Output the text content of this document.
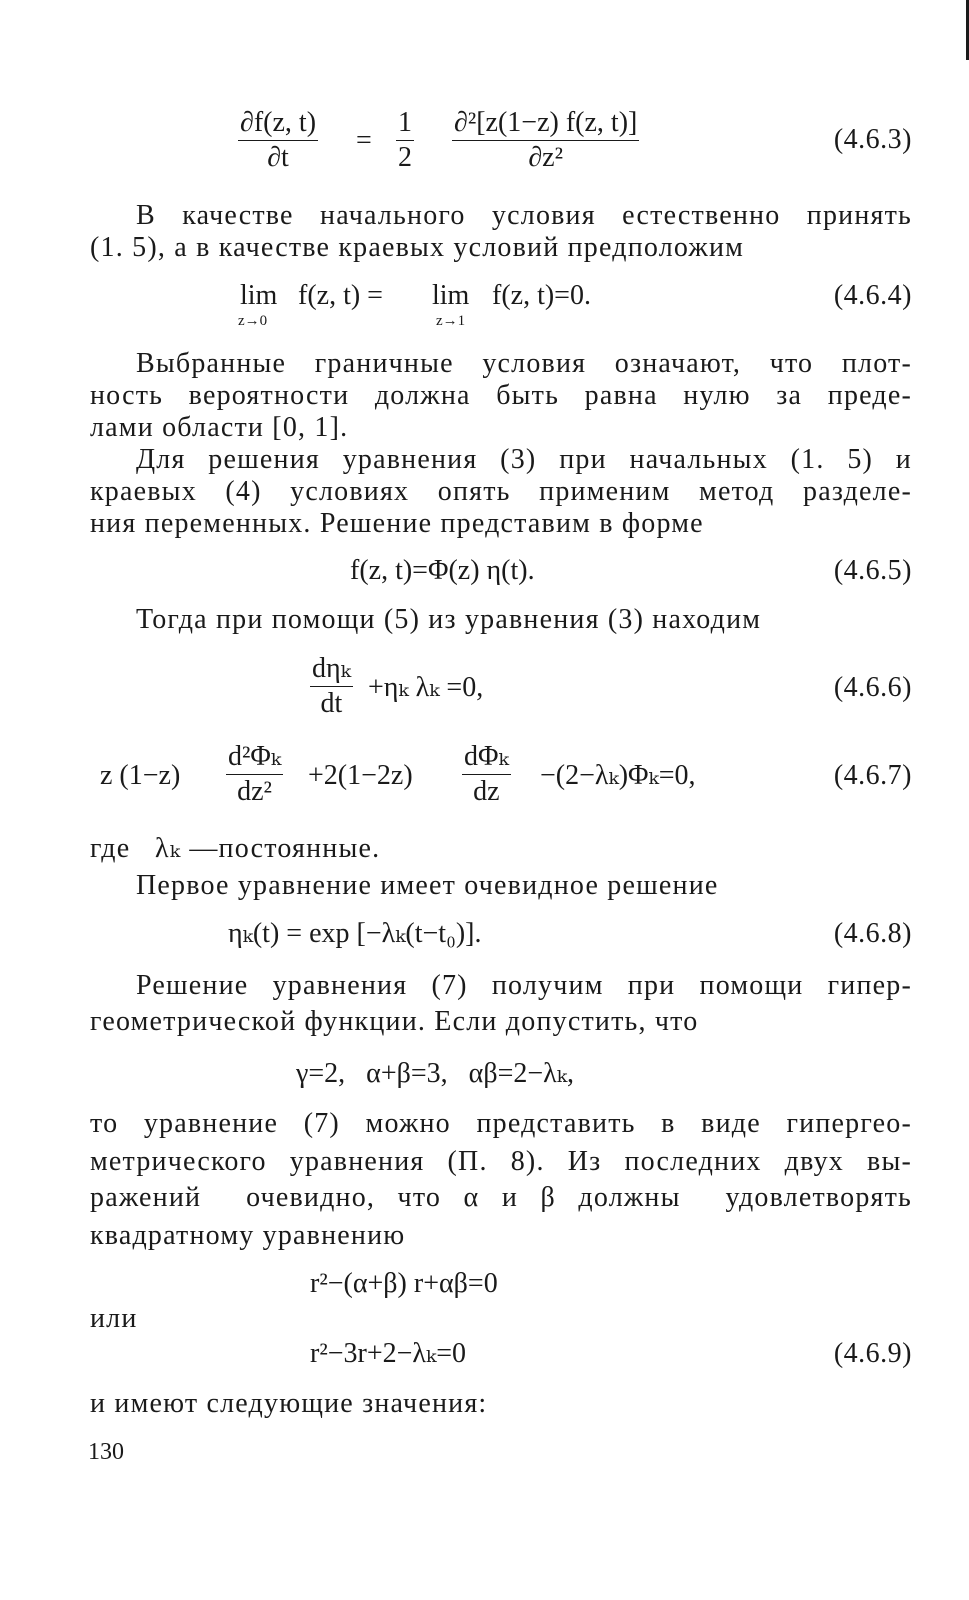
$\frac{\partial f(z, t)}{\partial t} = \frac{1}{2} \frac{\text{∂²[z(1−z) f(z, t)]}}{\text{∂z²}}$	(4.6.3)
В качестве начального условия естественно принять
(1. 5), а в качестве краевых условий предположим
lim
z→0
f(z, t) = lim
z→1
f(z, t)=0.	(4.6.4)
Выбранные граничные условия означают, что плот-
ность вероятности должна быть равна нулю за преде-
лами области [0, 1].
Для решения уравнения (3) при начальных (1. 5) и
краевых (4) условиях опять применим метод разделе-
ния переменных. Решение представим в форме
f(z, t)=Φ(z) η(t).	(4.6.5)
Тогда при помощи (5) из уравнения (3) находим
dηₖ
dt
+ηₖ λₖ =0,	(4.6.6)
z $(1-z) \frac{\text{d²Φₖ}}{\text{dz²}} +2(1-2z)$
dΦₖ
dz
−(2−λₖ)Φₖ=0,	(4.6.7)
где   λₖ —постоянные.
Первое уравнение имеет очевидное решение
ηₖ(t) = exp [−λₖ(t−t₀)].	(4.6.8)
Решение уравнения (7) получим при помощи гипер-
геометрической функции. Если допустить, что
γ=2,   α+β=3,   αβ=2−λₖ,
то уравнение (7) можно представить в виде гипергео-
метрического уравнения (П. 8). Из последних двух вы-
ражений  очевидно, что α и β должны  удовлетворять
квадратному уравнению
r²−(α+β) r+αβ=0
или
r²−3r+2−λₖ=0	(4.6.9)
и имеют следующие значения:
130
